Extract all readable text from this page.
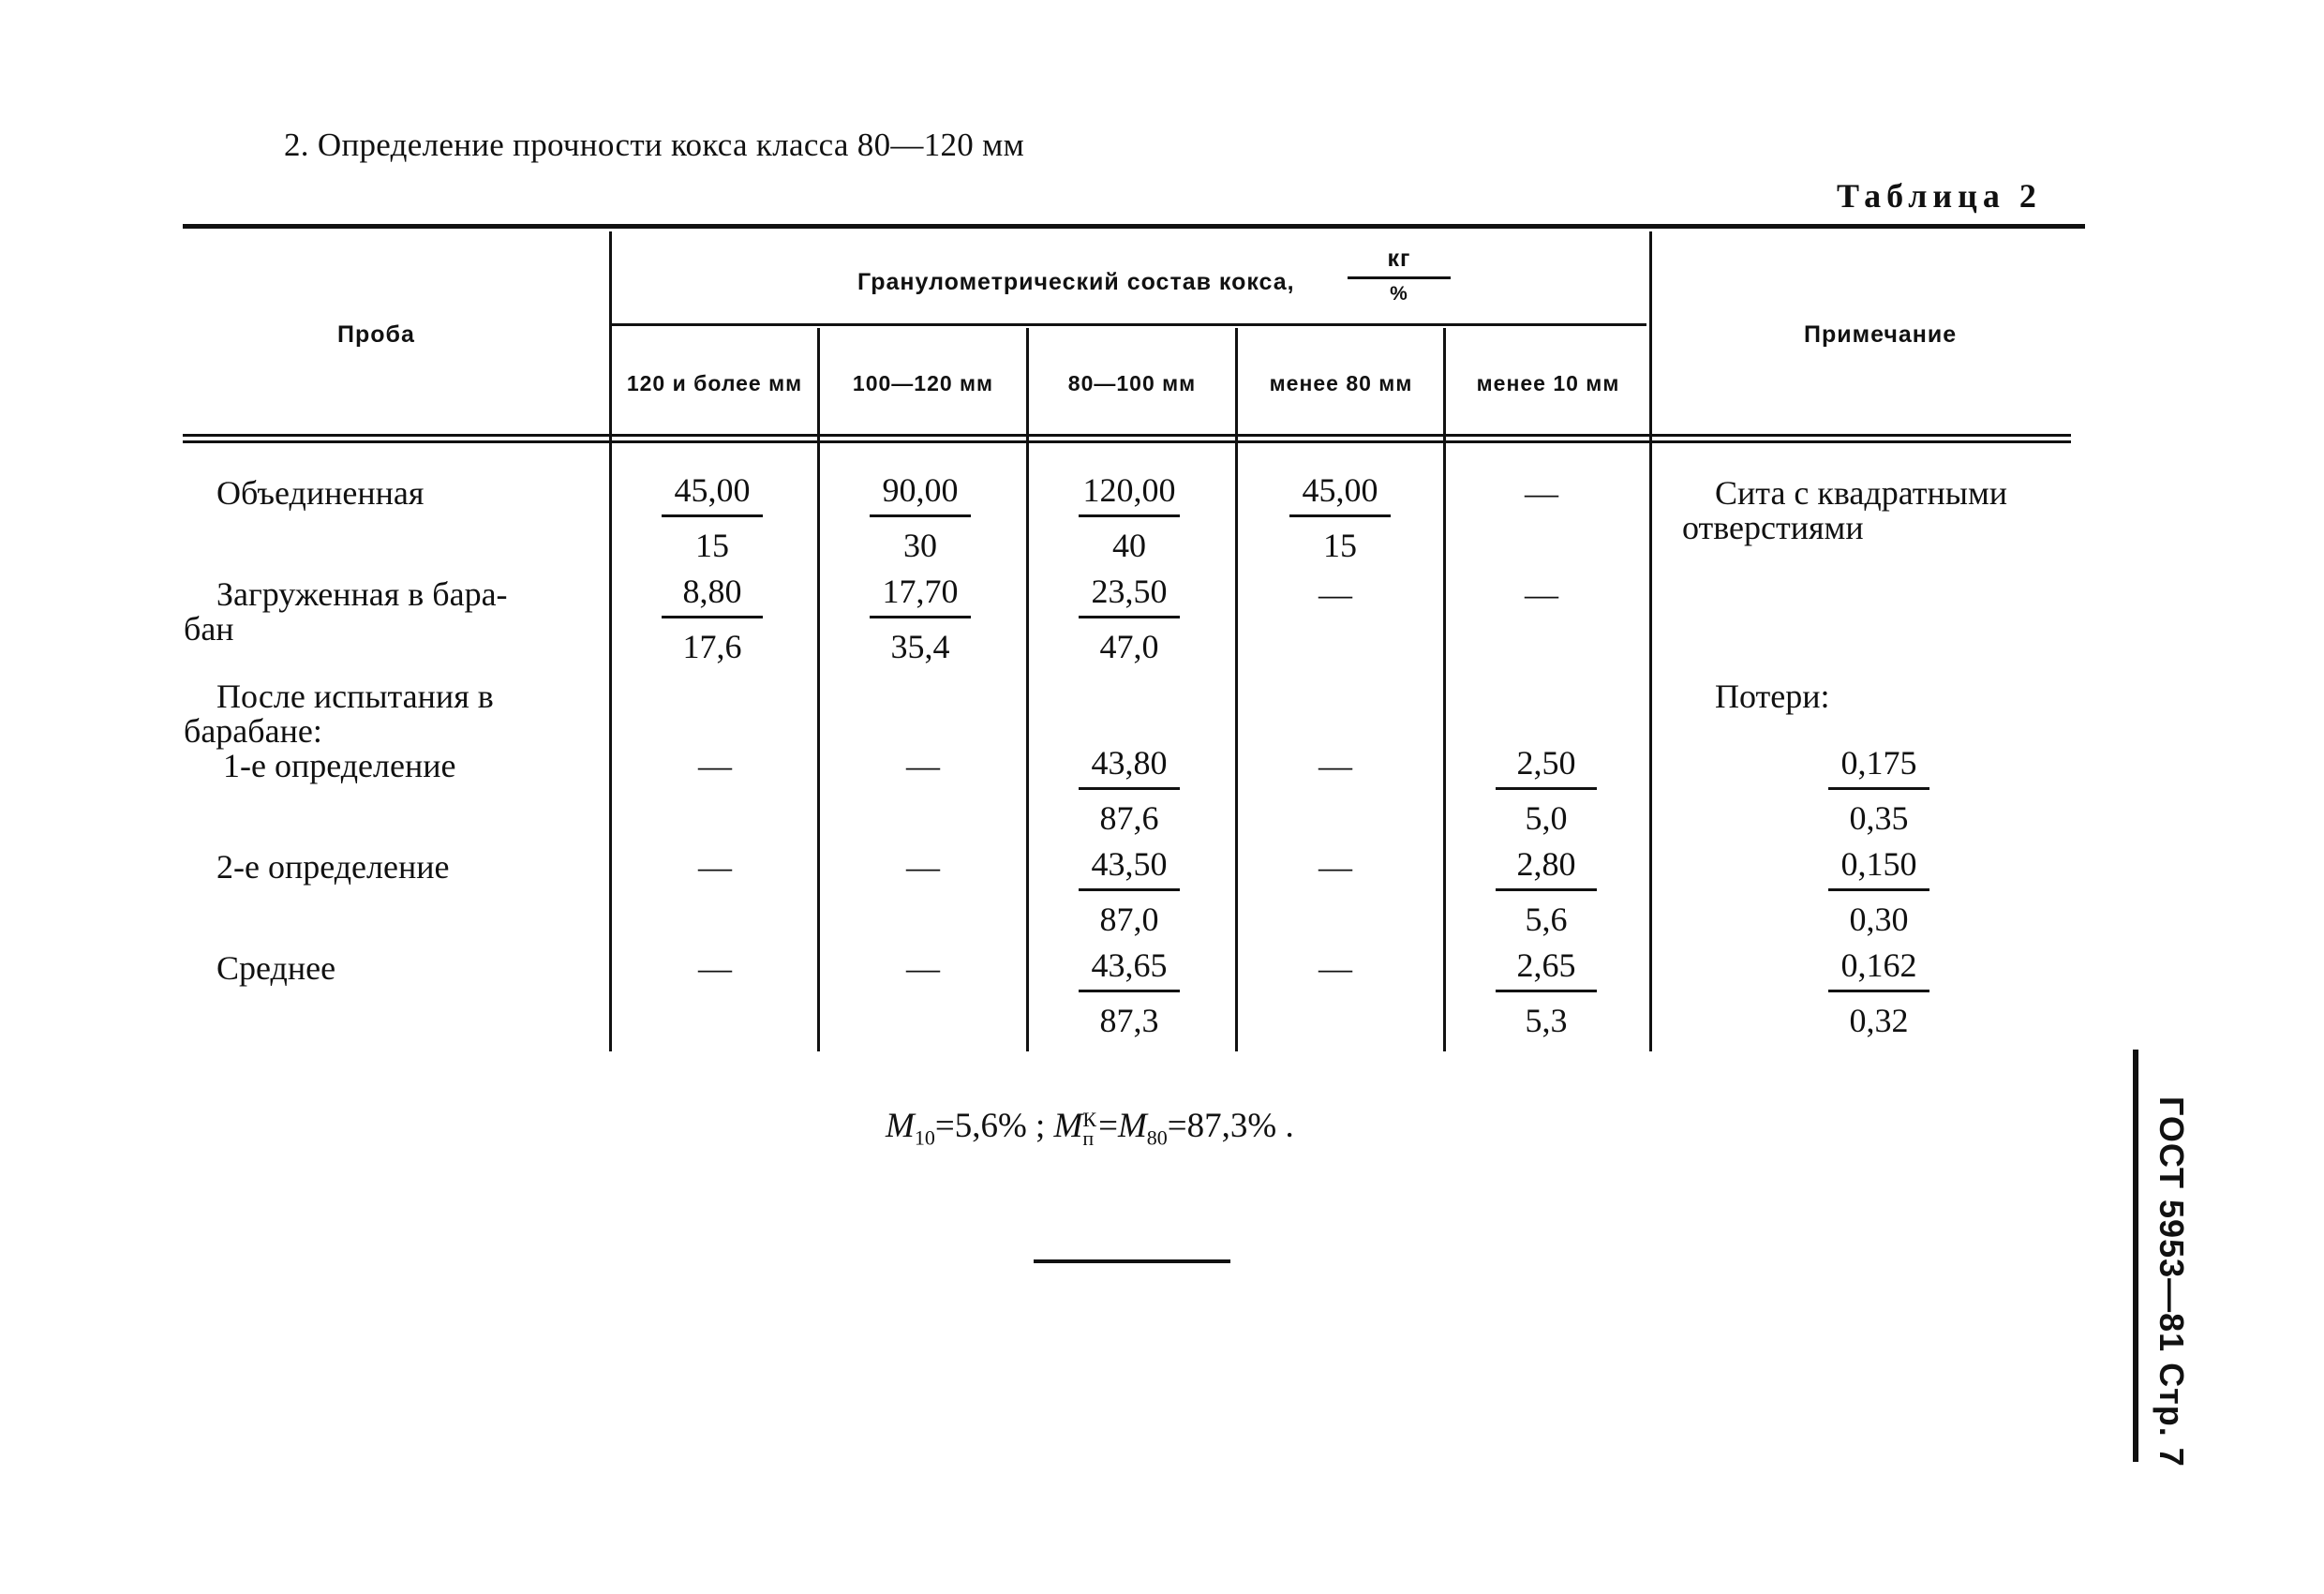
2. Определение прочности кокса класса 80—120 мм
Таблица 2
Проба
Гранулометрический состав кокса,
кг
%
Примечание
120 и более мм	100—120 мм	80—100 мм	менее 80 мм	менее 10 мм
Объединенная	$\frac{45,00}{15}$	$\frac{90,00}{30}$	$\frac{120,00}{40}$	$\frac{45,00}{15}$	—	Сита с квадратными
отверстиями
Загруженная в бара-
бан	$\frac{8,80}{17,6}$	$\frac{17,70}{35,4}$	$\frac{23,50}{47,0}$	—	—
После испытания в
барабане:
Потери:
1-е определение	—	—	$\frac{43,80}{87,6}$	—	$\frac{2,50}{5,0}$	$\frac{0,175}{0,35}$
2-е определение	—	—	$\frac{43,50}{87,0}$	—	$\frac{2,80}{5,6}$	$\frac{0,150}{0,30}$
Среднее	—	—	$\frac{43,65}{87,3}$	—	$\frac{2,65}{5,3}$	$\frac{0,162}{0,32}$
$M_{10}=5,6\%$ ; M К
$п =M_{80}=87,3\%$ .	ГОСТ 5953—81 Стр. 7
